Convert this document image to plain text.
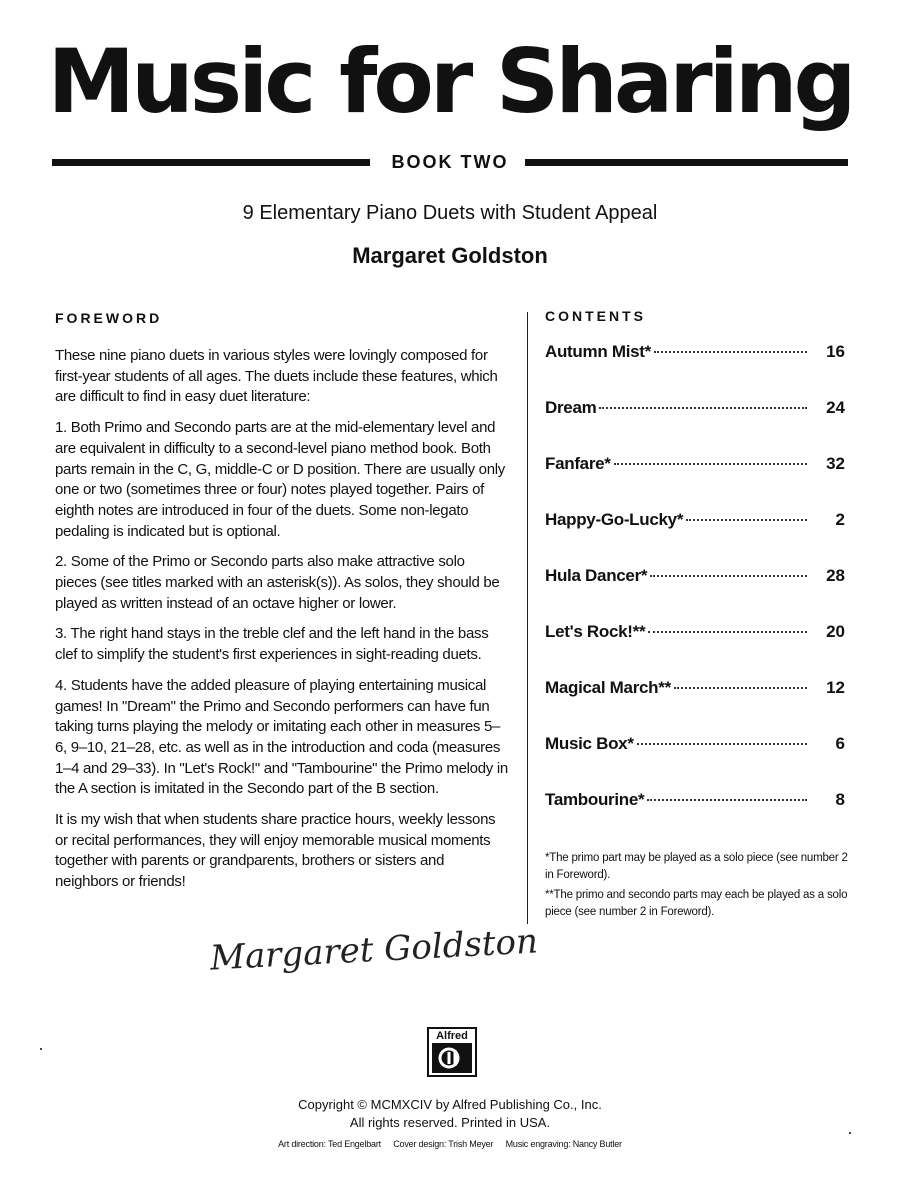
Music for Sharing
BOOK TWO
9 Elementary Piano Duets with Student Appeal
Margaret Goldston
FOREWORD	CONTENTS

These nine piano duets in various styles were lovingly composed for first-year students of all ages. The duets include these features, which are difficult to find in easy duet literature:

1. Both Primo and Secondo parts are at the mid-elementary level and are equivalent in difficulty to a second-level piano method book. Both parts remain in the C, G, middle-C or D position. There are usually only one or two (sometimes three or four) notes played together. Pairs of eighth notes are introduced in four of the duets. Some non-legato pedaling is indicated but is optional.

2. Some of the Primo or Secondo parts also make attractive solo pieces (see titles marked with an asterisk(s)). As solos, they should be played as written instead of an octave higher or lower.

3. The right hand stays in the treble clef and the left hand in the bass clef to simplify the student's first experiences in sight-reading duets.

4. Students have the added pleasure of playing entertaining musical games! In "Dream" the Primo and Secondo performers can have fun taking turns playing the melody or imitating each other in measures 5–6, 9–10, 21–28, etc. as well as in the introduction and coda (measures 1–4 and 29–33). In "Let's Rock!" and "Tambourine" the Primo melody in the A section is imitated in the Secondo part of the B section.

It is my wish that when students share practice hours, weekly lessons or recital performances, they will enjoy memorable musical moments together with parents or grandparents, brothers or sisters and neighbors or friends!

Margaret Goldston
Autumn Mist*	16
Dream	24
Fanfare*	32
Happy-Go-Lucky*	2
Hula Dancer*	28
Let's Rock!**	20
Magical March**	12
Music Box*	6
Tambourine*	8

*The primo part may be played as a solo piece (see number 2 in Foreword).

**The primo and secondo parts may each be played as a solo piece (see number 2 in Foreword).

Alfred
Copyright © MCMXCIV by Alfred Publishing Co., Inc.
All rights reserved. Printed in USA.
Art direction: Ted Engelbart Cover design: Trish Meyer Music engraving: Nancy Butler
